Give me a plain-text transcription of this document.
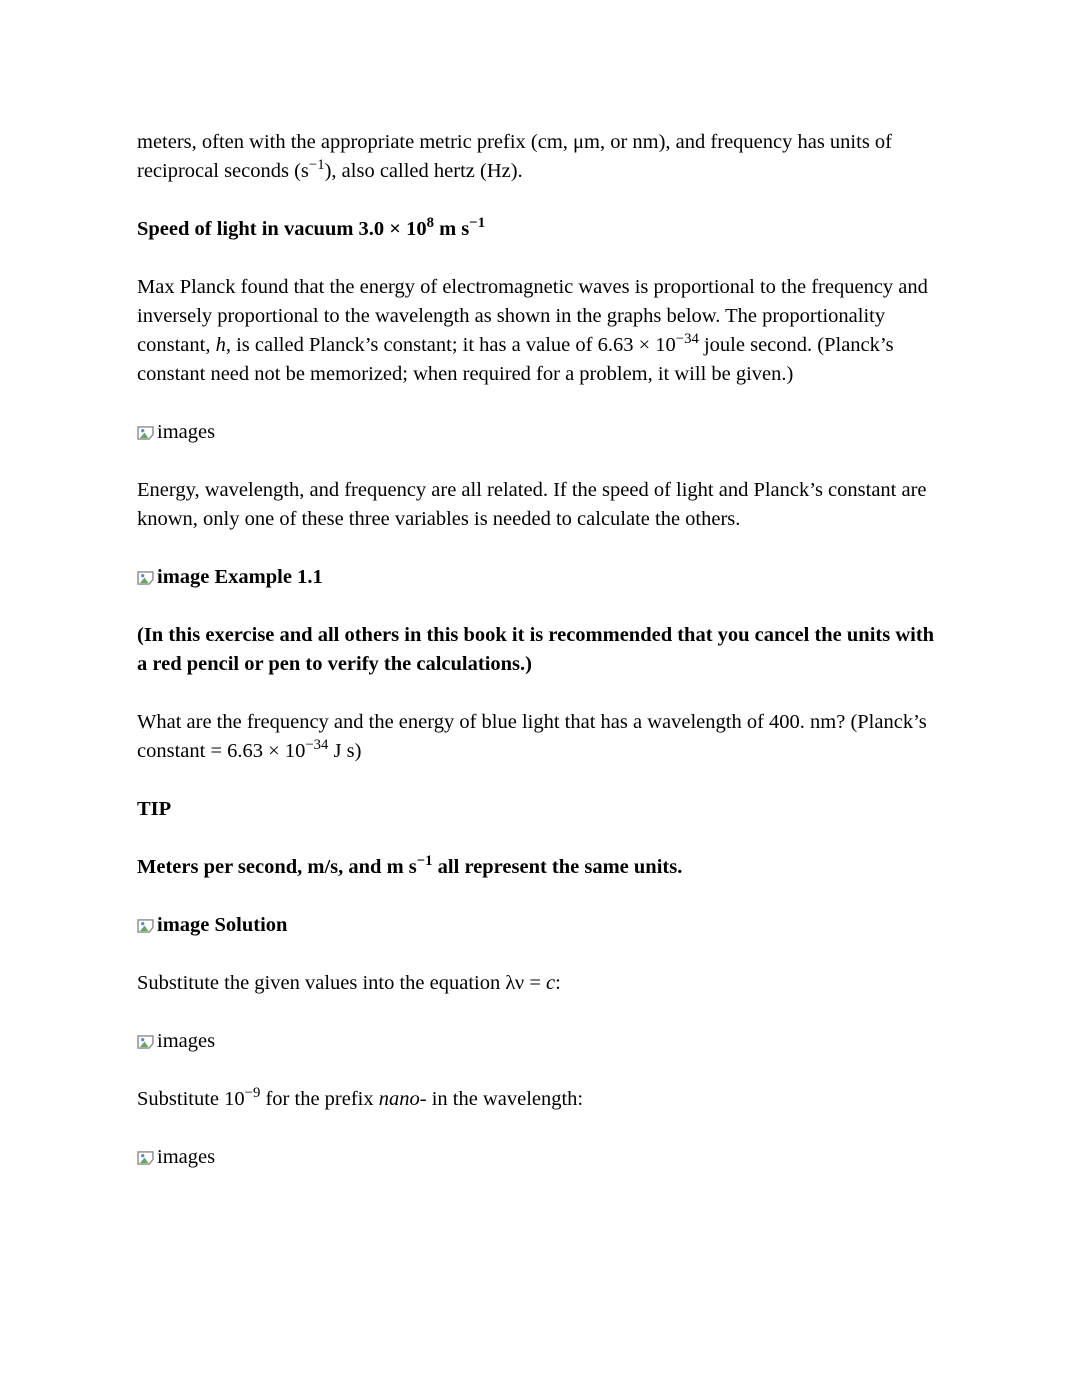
meters, often with the appropriate metric prefix (cm, μm, or nm), and frequency has units of reciprocal seconds $(s^{-1})$, also called hertz (Hz).

Speed of light in vacuum $3.0 \times 10^8$ m $s^{-1}$

Max Planck found that the energy of electromagnetic waves is proportional to the frequency and inversely proportional to the wavelength as shown in the graphs below. The proportionality constant, h, is called Planck’s constant; it has a value of $6.63 \times 10^{-34}$ joule second. (Planck’s constant need not be memorized; when required for a problem, it will be given.)

images

Energy, wavelength, and frequency are all related. If the speed of light and Planck’s constant are known, only one of these three variables is needed to calculate the others.

image Example 1.1

(In this exercise and all others in this book it is recommended that you cancel the units with a red pencil or pen to verify the calculations.)

What are the frequency and the energy of blue light that has a wavelength of 400. nm? (Planck’s constant = $6.63 \times 10^{-34}$ J s)

TIP

Meters per second, m/s, and m $s^{-1}$ all represent the same units.

image Solution

Substitute the given values into the equation λν = c:

images

Substitute $10^{-9}$ for the prefix nano- in the wavelength:

images
